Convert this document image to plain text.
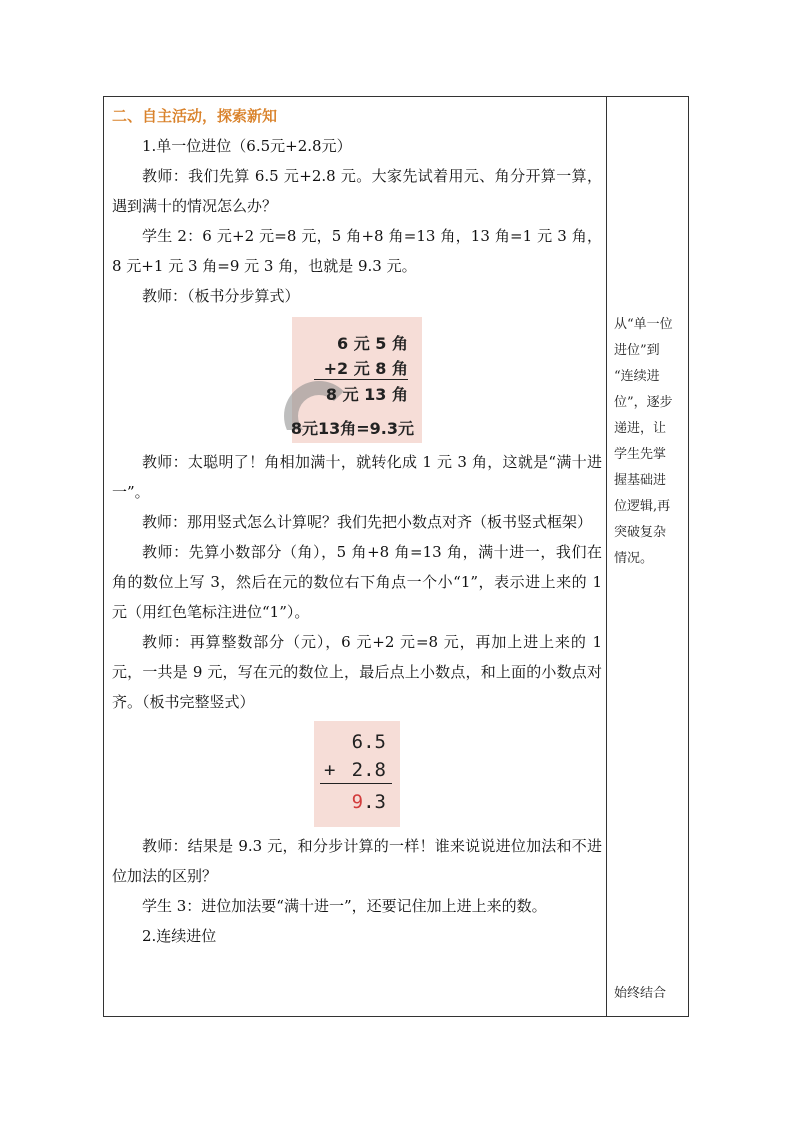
二、自主活动，探索新知

1.单一位进位（6.5元+2.8元）

教师：我们先算 6.5 元+2.8 元。大家先试着用元、角分开算一算，遇到满十的情况怎么办？

学生 2：6 元+2 元=8 元，5 角+8 角=13 角，13 角=1 元 3 角，8 元+1 元 3 角=9 元 3 角，也就是 9.3 元。

教师：（板书分步算式）

6 元 5 角
+2 元 8 角
8 元 13 角
8元13角=9.3元

教师：太聪明了！角相加满十，就转化成 1 元 3 角，这就是“满十进一”。

教师：那用竖式怎么计算呢？我们先把小数点对齐（板书竖式框架）

教师：先算小数部分（角），5 角+8 角=13 角，满十进一，我们在角的数位上写 3，然后在元的数位右下角点一个小“1”，表示进上来的 1 元（用红色笔标注进位“1”）。

教师：再算整数部分（元），6 元+2 元=8 元，再加上进上来的 1 元，一共是 9 元，写在元的数位上，最后点上小数点，和上面的小数点对齐。（板书完整竖式）

6.5
+ 2.8
9.3

教师：结果是 9.3 元，和分步计算的一样！谁来说说进位加法和不进位加法的区别？

学生 3：进位加法要“满十进一”，还要记住加上进上来的数。

2.连续进位

从“单一位
进位”到
“连续进
位”，逐步
递进，让
学生先掌
握基础进
位逻辑,再
突破复杂
情况。
始终结合
